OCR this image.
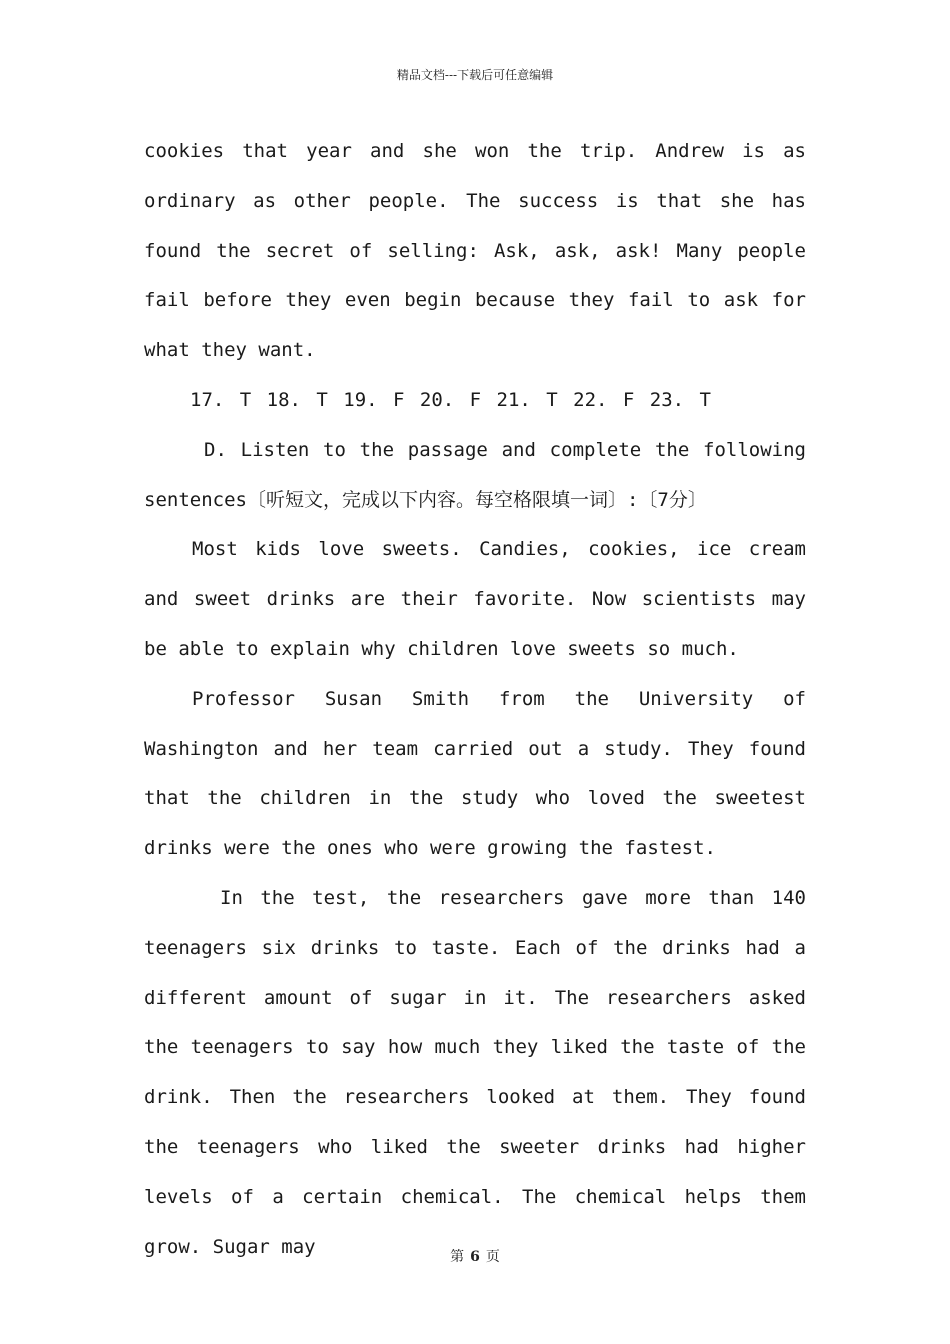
精品文档---下载后可任意编辑

cookies that year and she won the trip. Andrew is as ordinary as other people. The success is that she has found the secret of selling: Ask, ask, ask! Many people fail before they even begin because they fail to ask for what they want.

17. T 18. T 19. F 20. F 21. T 22. F 23. T

D. Listen to the passage and complete the following sentences〔听短文，完成以下内容。每空格限填一词〕:〔7分〕

Most kids love sweets. Candies, cookies, ice cream and sweet drinks are their favorite. Now scientists may be able to explain why children love sweets so much.

Professor Susan Smith from the University of Washington and her team carried out a study. They found that the children in the study who loved the sweetest drinks were the ones who were growing the fastest.

In the test, the researchers gave more than 140 teenagers six drinks to taste. Each of the drinks had a different amount of sugar in it. The researchers asked the teenagers to say how much they liked the taste of the drink. Then the researchers looked at them. They found the teenagers who liked the sweeter drinks had higher levels of a certain chemical. The chemical helps them grow. Sugar may	第 6 页
